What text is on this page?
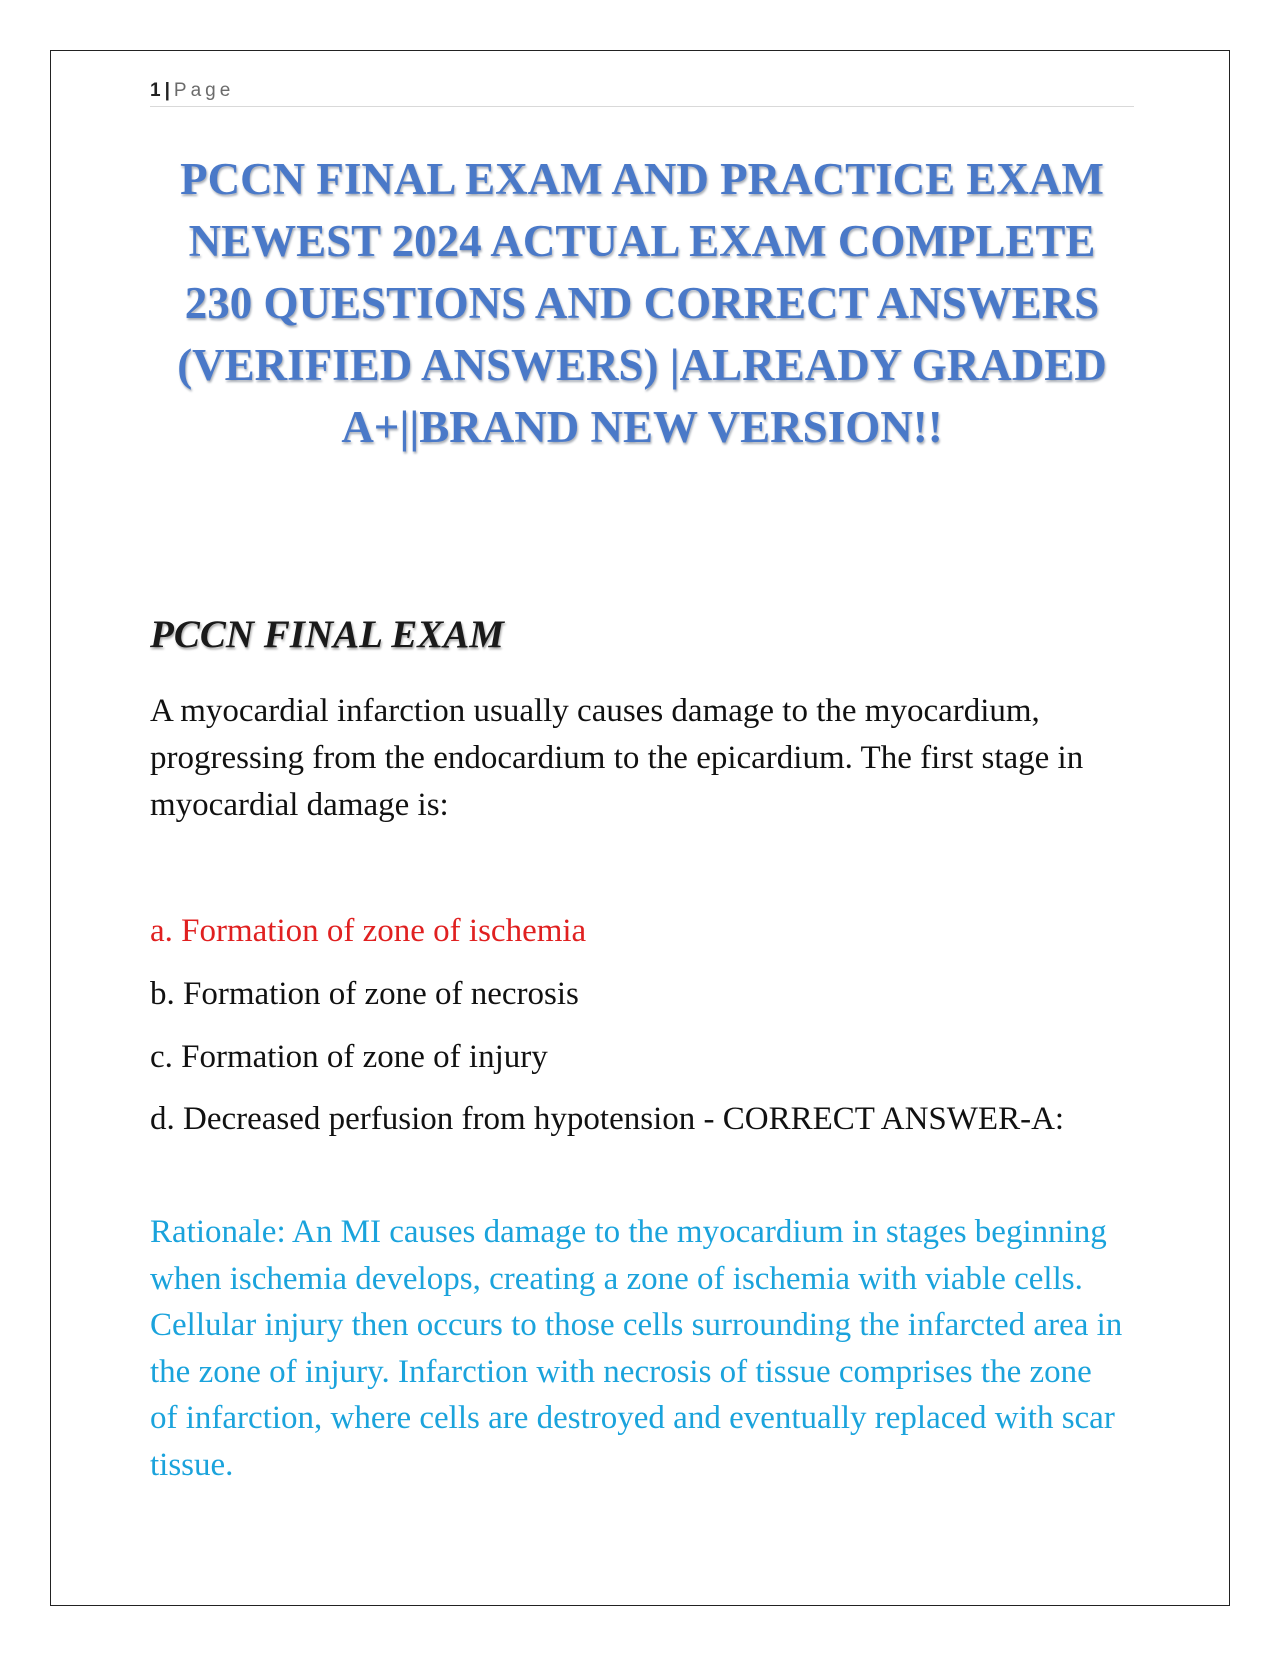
1 | Page
PCCN FINAL EXAM AND PRACTICE EXAM NEWEST 2024 ACTUAL EXAM COMPLETE 230 QUESTIONS AND CORRECT ANSWERS (VERIFIED ANSWERS) |ALREADY GRADED A+||BRAND NEW VERSION!!
PCCN FINAL EXAM

A myocardial infarction usually causes damage to the myocardium, progressing from the endocardium to the epicardium. The first stage in myocardial damage is:

a. Formation of zone of ischemia

b. Formation of zone of necrosis

c. Formation of zone of injury

d. Decreased perfusion from hypotension - CORRECT ANSWER-A:

Rationale: An MI causes damage to the myocardium in stages beginning when ischemia develops, creating a zone of ischemia with viable cells. Cellular injury then occurs to those cells surrounding the infarcted area in the zone of injury. Infarction with necrosis of tissue comprises the zone of infarction, where cells are destroyed and eventually replaced with scar tissue.
